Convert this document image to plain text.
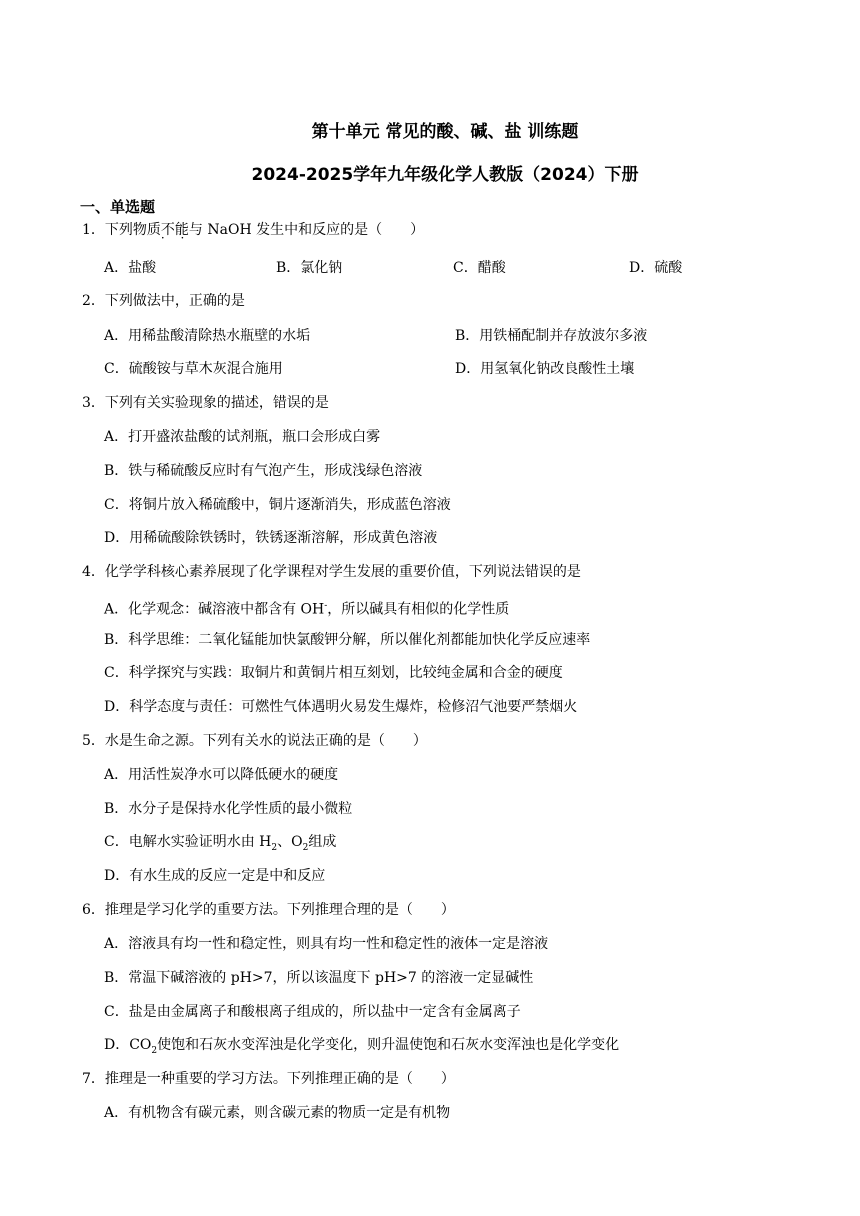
第十单元 常见的酸、碱、盐 训练题
2024-2025学年九年级化学人教版（2024）下册
一、单选题
1．下列物质不能 · ·与 NaOH 发生中和反应的是（　　）
A．盐酸	B．氯化钠	C．醋酸	D．硫酸
2．下列做法中，正确的是
A．用稀盐酸清除热水瓶壁的水垢	B．用铁桶配制并存放波尔多液
C．硫酸铵与草木灰混合施用	D．用氢氧化钠改良酸性土壤
3．下列有关实验现象的描述，错误的是
A．打开盛浓盐酸的试剂瓶，瓶口会形成白雾
B．铁与稀硫酸反应时有气泡产生，形成浅绿色溶液
C．将铜片放入稀硫酸中，铜片逐渐消失，形成蓝色溶液
D．用稀硫酸除铁锈时，铁锈逐渐溶解，形成黄色溶液
4．化学学科核心素养展现了化学课程对学生发展的重要价值，下列说法错误的是
A．化学观念：碱溶液中都含有 OH-，所以碱具有相似的化学性质
B．科学思维：二氧化锰能加快氯酸钾分解，所以催化剂都能加快化学反应速率
C．科学探究与实践：取铜片和黄铜片相互刻划，比较纯金属和合金的硬度
D．科学态度与责任：可燃性气体遇明火易发生爆炸，检修沼气池要严禁烟火
5．水是生命之源。下列有关水的说法正确的是（　　）
A．用活性炭净水可以降低硬水的硬度
B．水分子是保持水化学性质的最小微粒
C．电解水实验证明水由 $H_2$、$O_2$组成
D．有水生成的反应一定是中和反应
6．推理是学习化学的重要方法。下列推理合理的是（　　）
A．溶液具有均一性和稳定性，则具有均一性和稳定性的液体一定是溶液
B．常温下碱溶液的 pH>7，所以该温度下 pH>7 的溶液一定显碱性
C．盐是由金属离子和酸根离子组成的，所以盐中一定含有金属离子
D．$CO_2$使饱和石灰水变浑浊是化学变化，则升温使饱和石灰水变浑浊也是化学变化
7．推理是一种重要的学习方法。下列推理正确的是（　　）
A．有机物含有碳元素，则含碳元素的物质一定是有机物
